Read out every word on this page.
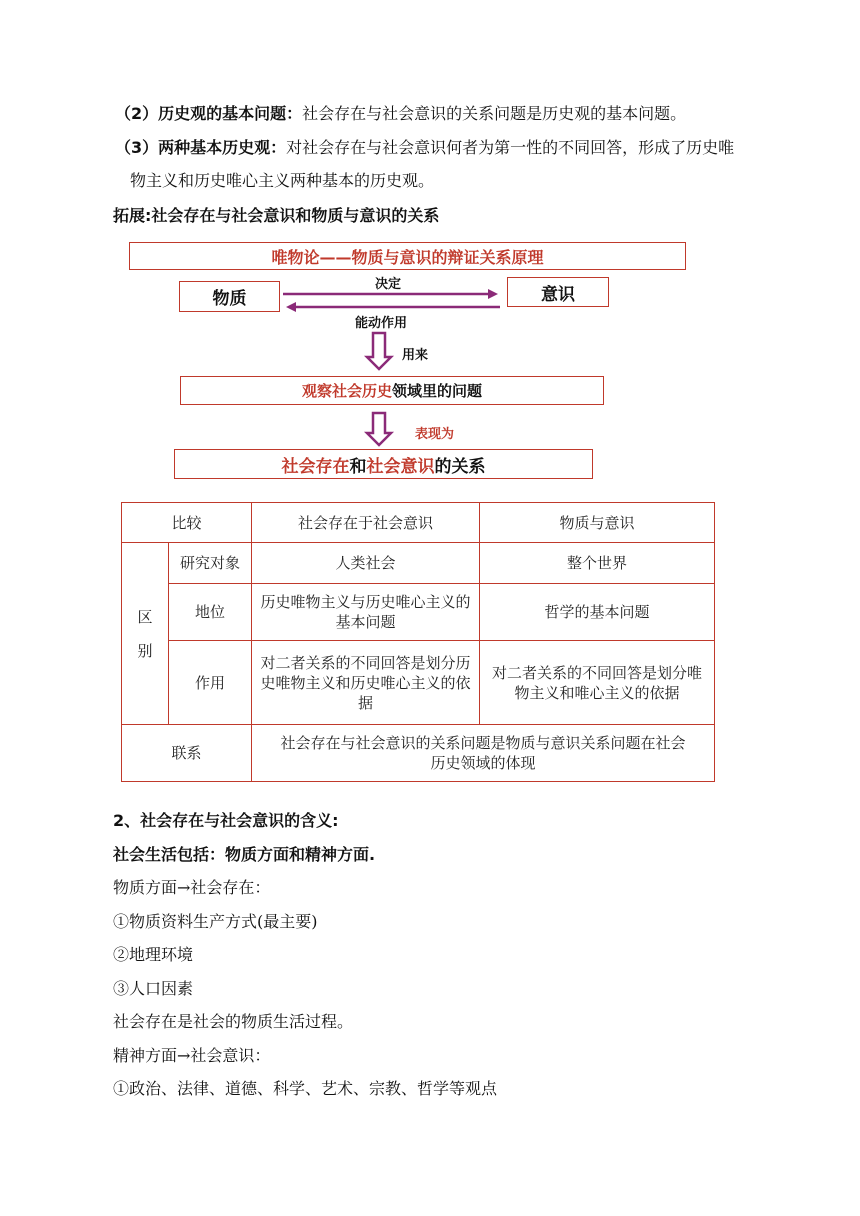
（2）历史观的基本问题：社会存在与社会意识的关系问题是历史观的基本问题。
（3）两种基本历史观：对社会存在与社会意识何者为第一性的不同回答，形成了历史唯
物主义和历史唯心主义两种基本的历史观。
拓展:社会存在与社会意识和物质与意识的关系
唯物论——物质与意识的辩证关系原理
物质	意识
决定
能动作用
用来
观察社会历史 领域里的问题
表现为
社会存在 和 社会意识 的关系
比较		社会存在于社会意识	物质与意识

区别	研究对象	人类社会	整个世界
	地位	历史唯物主义与历史唯心主义的基本问题	哲学的基本问题
	作用	对二者关系的不同回答是划分历史唯物主义和历史唯心主义的依据	对二者关系的不同回答是划分唯物主义和唯心主义的依据
联系		社会存在与社会意识的关系问题是物质与意识关系问题在社会历史领域的体现	
2、社会存在与社会意识的含义:
社会生活包括：物质方面和精神方面.
物质方面→社会存在：
①物质资料生产方式(最主要)
②地理环境
③人口因素
社会存在是社会的物质生活过程。
精神方面→社会意识：
①政治、法律、道德、科学、艺术、宗教、哲学等观点
